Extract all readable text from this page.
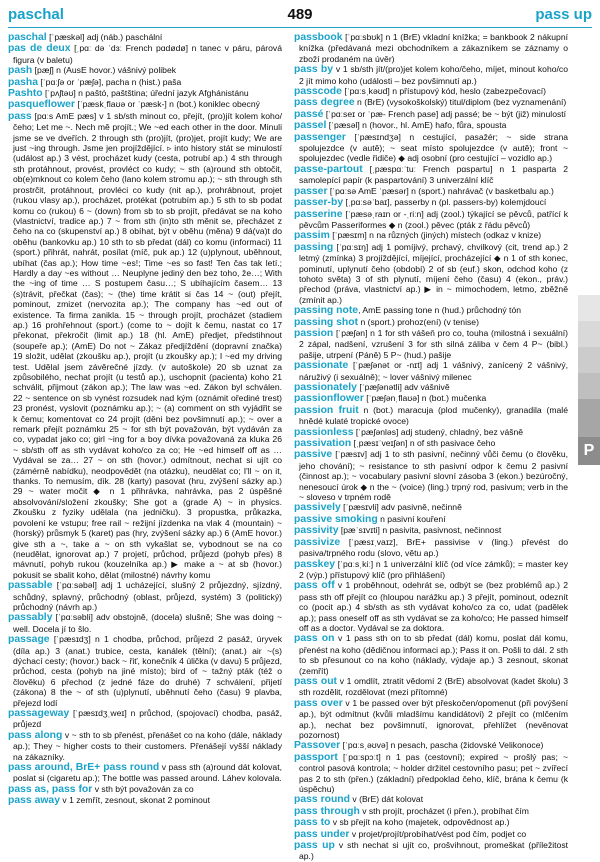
paschal	489	pass up

paschal [ˈpæskəl] adj (náb.) paschální

pas de deux [ˌpɑː də ˈdɜː French pɑdødø] n tanec v páru, párová figura (v baletu)

pash [pæʃ] n (AusE hovor.) vášnivý polibek

pasha [ˈpɑːʃə or ˈpæʃə], pacha n (hist.) paša

Pashto [ˈpʌʃtəʊ] n paštó, paštština; úřední jazyk Afghánistánu

pasqueflower [ˈpæskˌflaʊə or ˈpæsk-] n (bot.) koniklec obecný

pass [pɑːs AmE pæs] v 1 sb/sth minout co, přejít, (pro)jít kolem koho/čeho; Let me ~. Nech mě projít.; We ~ed each other in the door. Minuli jsme se ve dveřích. 2 through sth (pro)jít, (pro)jet, projít kudy; We are just ~ing through. Jsme jen projíždějící. ▹ into history stát se minulostí (událost ap.) 3 vést, procházet kudy (cesta, potrubí ap.) 4 sth through sth protáhnout, provést, provléct co kudy; ~ sth (a)round sth obtočit, ob(e)mknout co kolem čeho (lano kolem stromu ap.); ~ sth through sth prostrčit, protáhnout, provléci co kudy (nit ap.), prohrábnout, projet (rukou vlasy ap.), procházet, protékat (potrubím ap.) 5 sth to sb podat komu co (rukou) 6 ~ (down) from sb to sb projít, předávat se na koho (vlastnictví, tradice ap.) 7 ~ from sth (in)to sth měnit se, přecházet z čeho na co (skupenství ap.) 8 obíhat, být v oběhu (měna) 9 dá(va)t do oběhu (bankovku ap.) 10 sth to sb předat (dál) co komu (informaci) 11 (sport.) přihrát, nahrát, posílat (míč, puk ap.) 12 (u)plynout, uběhnout, ubíhat (čas ap.); How time ~es!; Time ~es so fast! Ten čas tak letí.; Hardly a day ~es without … Neuplyne jediný den bez toho, že…; With the ~ing of time … S postupem času…; S ubíhajícím časem… 13 (s)trávit, přečkat (čas); ~ (the) time krátit si čas 14 ~ (out) přejít, pominout, zmizet (nervozita ap.); The company has ~ed out of existence. Ta firma zanikla. 15 ~ through projít, procházet (stadiem ap.) 16 prohřehnout (sport.) (come to ~ dojít k čemu, nastat co 17 překonat, překročit (limit ap.) 18 (hl. AmE) předjet, předstihnout (soupeře ap.); (AmE) Do not ~ Zákaz předjíždění (dopravní značka) 19 složit, udělat (zkoušku ap.), projít (u zkoušky ap.); I ~ed my driving test. Udělal jsem závěrečné jízdy. (v autoškole) 20 sb uznat za způsobilého, nechat projít (u testů ap.), uschopnit (pacienta) koho 21 schválit, přijmout (zákon ap.); The law was ~ed. Zákon byl schválen. 22 ~ sentence on sb vynést rozsudek nad kým (oznámit ořediné trest) 23 pronést, vyslovit (poznámku ap.); ~ (a) comment on sth vyjádřit se k čemu; komentovat co 24 projít (děni bez povšimnutí ap.); ~ over a remark přejít poznámku 25 ~ for sth být považován, být vydáván za co, vypadat jako co; girl ~ing for a boy dívka považovaná za kluka 26 ~ sb/sth off as sth vydávat koho/co za co; He ~ed himself off as … Vydával se za… 27 ~ on sth (hovor.) odmítnout, nechat si ujít co (zámérně nabídku), neodpovědět (na otázku), neudělat co; I'll ~ on it, thanks. To nemusím, dík. 28 (karty) pasovat (hru, zvýšení sázky ap.) 29 ~ water močit ◆ n 1 přihrávka, nahrávka, pas 2 úspěšné absolvování/složení zkoušky; She got a (grade A) ~ in physics. Zkoušku z fyziky udělala (na jedničku). 3 propustka, průkazka, povolení ke vstupu; free rail ~ režijní jízdenka na vlak 4 (mountain) ~ (horský) průsmyk 5 (karet) pas (hry, zvýšení sázky ap.) 6 (AmE hovor.) give sth a ~, take a ~ on sth vykašlat se, vybodnout se na co (neudělat, ignorovat ap.) 7 projetí, průchod, průjezd (pohyb přes) 8 mávnutí, pohyb rukou (kouzelníka ap.) ▶ make a ~ at sb (hovor.) pokusit se sbalit koho, dělat (milostné) návrhy komu

passable [ˈpɑːsəbəl] adj 1 ucházející, slušný 2 průjezdný, sjízdný, schůdný, splavný, průchodný (oblast, průjezd, systém) 3 (politický) průchodný (návrh ap.)

passably [ˈpɑːsəbli] adv obstojně, (docela) slušně; She was doing ~ well. Docela jí to šlo.

passage [ˈpæsɪdʒ] n 1 chodba, průchod, průjezd 2 pasáž, úryvek (díla ap.) 3 (anat.) trubice, cesta, kanálek (tělní); (anat.) air ~(s) dýchací cesty; (hovor.) back ~ řiť, konečník 4 úlička (v davu) 5 průjezd, průchod, cesta (pohyb na jiné místo); bird of ~ tažný pták (též o člověku) 6 přechod (z jedné fáze do druhé) 7 schválení, přijetí (zákona) 8 the ~ of sth (u)plynutí, uběhnutí čeho (času) 9 plavba, přejezd lodí

passageway [ˈpæsɪdʒˌweɪ] n průchod, (spojovací) chodba, pasáž, průjezd

pass along v ~ sth to sb přenést, přenášet co na koho (dále, náklady ap.); They ~ higher costs to their customers. Přenášejí vyšší náklady na zákazníky.

pass around, BrE+ pass round v pass sth (a)round dát kolovat, poslat si (cigaretu ap.); The bottle was passed around. Láhev kolovala.

pass as, pass for v sth být považován za co

pass away v 1 zemřít, zesnout, skonat 2 pominout

passbook [ˈpɑːsbʊk] n 1 (BrE) vkladní knížka; = bankbook 2 nákupní knížka (předávaná mezi obchodníkem a zákazníkem se záznamy o zboží prodaném na úvěr)

pass by v 1 sb/sth jít/(pro)jet kolem koho/čeho, míjet, minout koho/co 2 jít mimo koho (události – bez povšimnutí ap.)

passcode [ˈpɑːsˌkəʊd] n přístupový kód, heslo (zabezpečovací)

pass degree n (BrE) (vysokoškolský) titul/diplom (bez vyznamenání)

passé [ˈpɑːseɪ or ˈpæ- French pase] adj passé; be ~ být (již) minulostí

passel [ˈpæsəl] n (hovor., hl. AmE) hafo, fůra, spousta

passenger [ˈpæsɪndʒə] n cestující, pasažér; ~ side strana spolujezdce (v autě); ~ seat místo spolujezdce (v autě); front ~ spolujezdec (vedle řidiče) ◆ adj osobní (pro cestující – vozidlo ap.)

passe-partout [ˌpæspɑːˈtuː French pɑspartu] n 1 pasparta 2 samolepící papír (k paspartování) 3 univerzální klíč

passer [ˈpɑːsə AmE ˈpæsər] n (sport.) nahrávač (v basketbalu ap.)

passer-by [ˌpɑːsəˈbaɪ], passerby n (pl. passers-by) kolemjdoucí

passerine [ˈpæsəˌraɪn or -ˌriːn] adj (zool.) týkající se pěvců, patřící k pěvcům Passeriformes ◆ n (zool.) pěvec (pták z řádu pěvců)

passim [ˈpæsɪm] n na různých (jiných) místech (odkaz v knize)

passing [ˈpɑːsɪŋ] adj 1 pomíjivý, prchavý, chvilkový (cit, trend ap.) 2 letmý (zmínka) 3 projíždějící, míjející, procházející ◆ n 1 of sth konec, pominutí, uplynutí čeho (období) 2 of sb (euf.) skon, odchod koho (z tohoto světa) 3 of sth plynutí, míjení čeho (času) 4 (ekon., práv.) přechod (práva, vlastnictví ap.) ▶ in ~ mimochodem, letmo, zběžně (zmínit ap.)

passing note, AmE passing tone n (hud.) průchodný tón

passing shot n (sport.) prohoz(ení) (v tenise)

passion [ˈpæʃən] n 1 for sth vášeň pro co, touha (milostná i sexuální) 2 zápal, nadšení, vzrušení 3 for sth silná záliba v čem 4 P~ (bibl.) pašije, utrpení (Páně) 5 P~ (hud.) pašije

passionate [ˈpæʃənət or -nɪt] adj 1 vášnivý, zanícený 2 vášnivý, náruživý (i sexuálně); ~ lover vášnivý milenec

passionately [ˈpæʃənətli] adv vášnivě

passionflower [ˈpæʃənˌflaʊə] n (bot.) mučenka

passion fruit n (bot.) maracuja (plod mučenky), granadila (malé hnědé kulaté tropické ovoce)

passionless [ˈpæʃənləs] adj studený, chladný, bez vášně

passivation [ˌpæsɪˈveɪʃən] n of sth pasivace čeho

passive [ˈpæsɪv] adj 1 to sth pasivní, nečinný vůči čemu (o člověku, jeho chování); ~ resistance to sth pasivní odpor k čemu 2 pasivní (činnost ap.); ~ vocabulary pasivní slovní zásoba 3 (ekon.) bezúročný, nenesoucí úrok ◆ n the ~ (voice) (ling.) trpný rod, pasivum; verb in the ~ sloveso v trpném rodě

passively [ˈpæsɪvli] adv pasivně, nečinně

passive smoking n pasivní kouření

passivity [pæˈsɪvɪti] n pasivita, pasivnost, nečinnost

passivize [ˈpæsɪˌvaɪz], BrE+ passivise v (ling.) převést do pasiva/trpného rodu (slovo, větu ap.)

passkey [ˈpɑːsˌkiː] n 1 univerzální klíč (od více zámků); = master key 2 (výp.) přístupový klíč (pro přihlášení)

pass off v 1 proběhnout, odehrát se, odbýt se (bez problémů ap.) 2 pass sth off přejít co (hloupou narážku ap.) 3 přejít, pominout, odeznít co (pocit ap.) 4 sb/sth as sth vydávat koho/co za co, udat (padělek ap.); pass oneself off as sth vydávat se za koho/co; He passed himself off as a doctor. Vydával se za doktora.

pass on v 1 pass sth on to sb předat (dál) komu, poslat dál komu, přenést na koho (dědičnou informaci ap.); Pass it on. Pošli to dál. 2 sth to sb přesunout co na koho (náklady, výdaje ap.) 3 zesnout, skonat (zemřít)

pass out v 1 omdlít, ztratit vědomí 2 (BrE) absolvovat (kadet školu) 3 sth rozdělit, rozdělovat (mezi přítomné)

pass over v 1 be passed over být přeskočen/opomenut (při povýšení ap.), být odmítnut (kvůli mladšímu kandidátovi) 2 přejít co (mlčením ap.), nechat bez povšimnutí, ignorovat, přehlížet (nevěnovat pozornost)

Passover [ˈpɑːsˌəʊvə] n pesach, pascha (židovské Velikonoce)

passport [ˈpɑːspɔːt] n 1 pas (cestovní); expired ~ prošlý pas; ~ control pasová kontrola; ~ holder držitel cestovního pasu; pet ~ zvířecí pas 2 to sth (přen.) (základní) předpoklad čeho, klíč, brána k čemu (k úspěchu)

pass round v (BrE) dát kolovat

pass through v sth projít, procházet (i přen.), probíhat čím

pass to v sb přejít na koho (majetek, odpovědnost ap.)

pass under v projet/projít/probíhat/vést pod čím, podjet co

pass up v sth nechat si ujít co, prošvihnout, promeškat (příležitost ap.)

P
